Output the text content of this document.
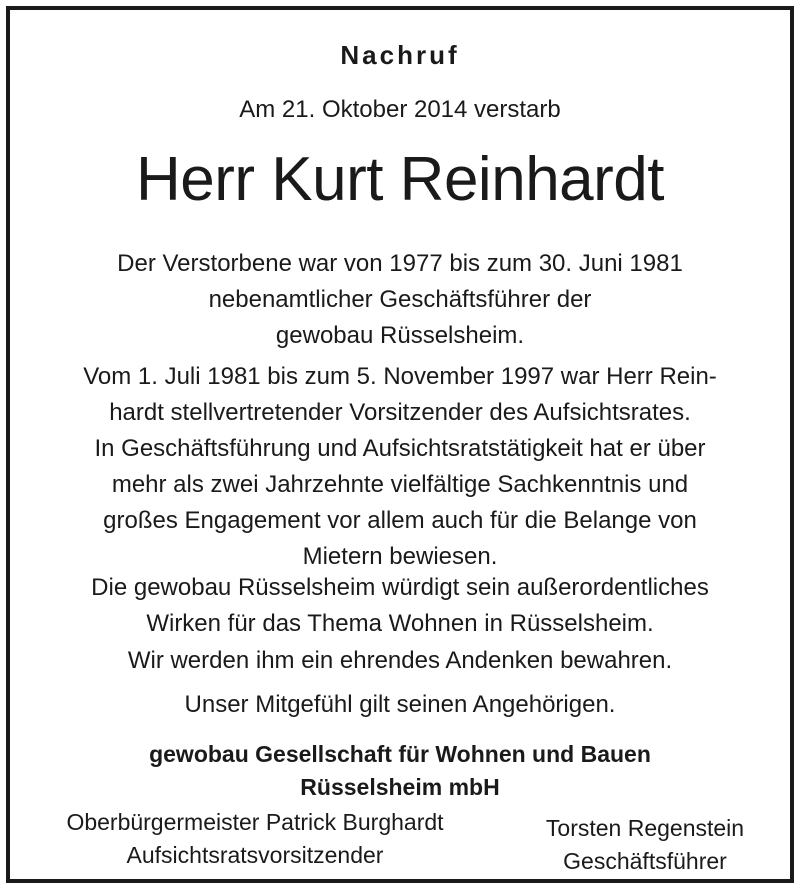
Nachruf
Am 21. Oktober 2014 verstarb
Herr Kurt Reinhardt
Der Verstorbene war von 1977 bis zum 30. Juni 1981
nebenamtlicher Geschäftsführer der
gewobau Rüsselsheim.
Vom 1. Juli 1981 bis zum 5. November 1997 war Herr Rein-
hardt stellvertretender Vorsitzender des Aufsichtsrates.
In Geschäftsführung und Aufsichtsratstätigkeit hat er über
mehr als zwei Jahrzehnte vielfältige Sachkenntnis und
großes Engagement vor allem auch für die Belange von
Mietern bewiesen.
Die gewobau Rüsselsheim würdigt sein außerordentliches
Wirken für das Thema Wohnen in Rüsselsheim.
Wir werden ihm ein ehrendes Andenken bewahren.
Unser Mitgefühl gilt seinen Angehörigen.
gewobau Gesellschaft für Wohnen und Bauen
Rüsselsheim mbH
Oberbürgermeister Patrick Burghardt
Aufsichtsratsvorsitzender
Torsten Regenstein
Geschäftsführer
